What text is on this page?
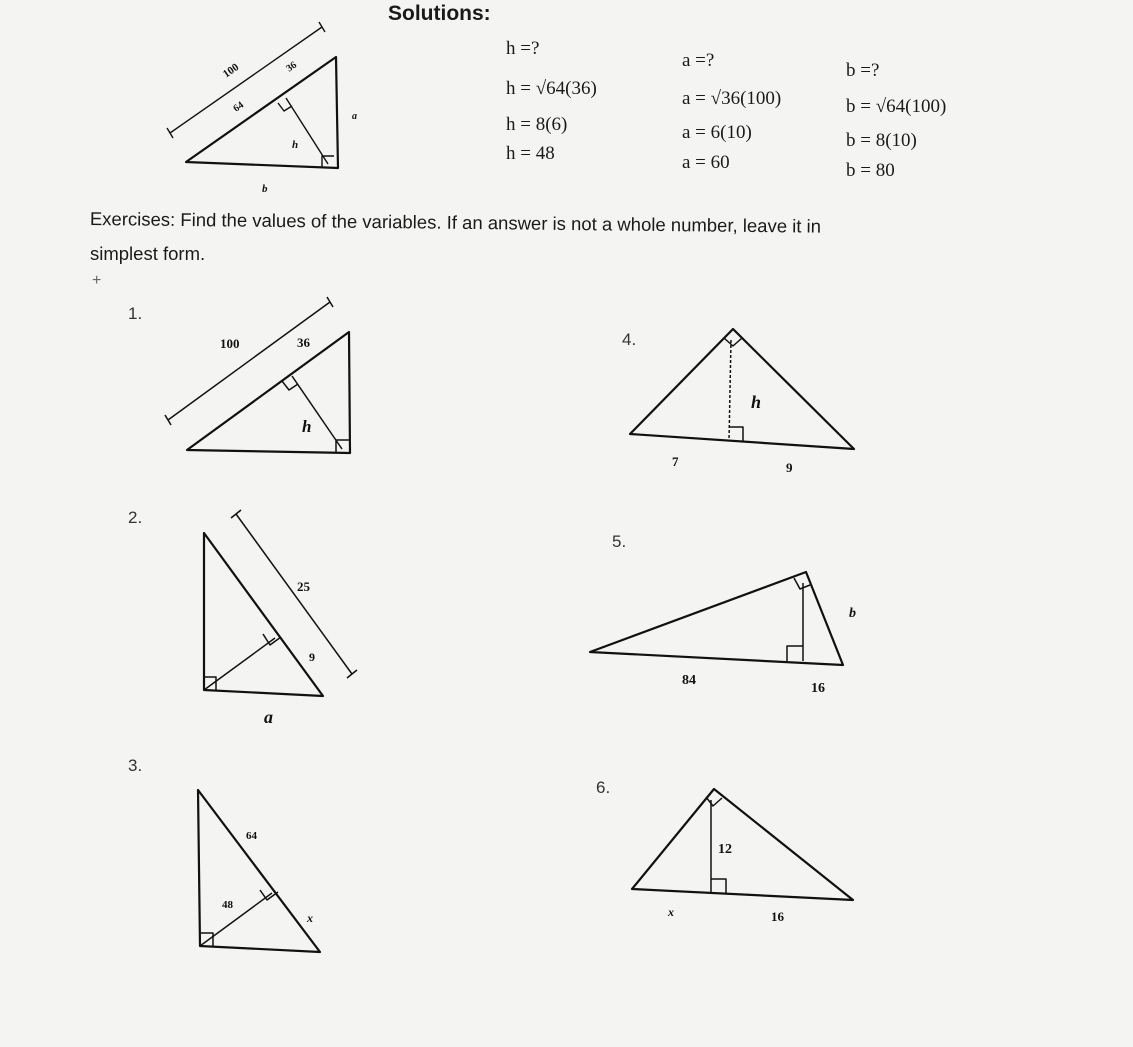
Solutions:
h =?
h = √64(36)
h = 8(6)
h = 48
a =?
a = √36(100)
a = 6(10)
a = 60
b =?
b = √64(100)
b = 8(10)
b = 80
Exercises: Find the values of the variables. If an answer is not a whole number, leave it in
simplest form.
+
1.
2.
3.
4.
5.
6.
100
64
36
h
a
b
100	36
h
25
9
a
64
48
x
h
7	9
84
16
b
12
x	16
